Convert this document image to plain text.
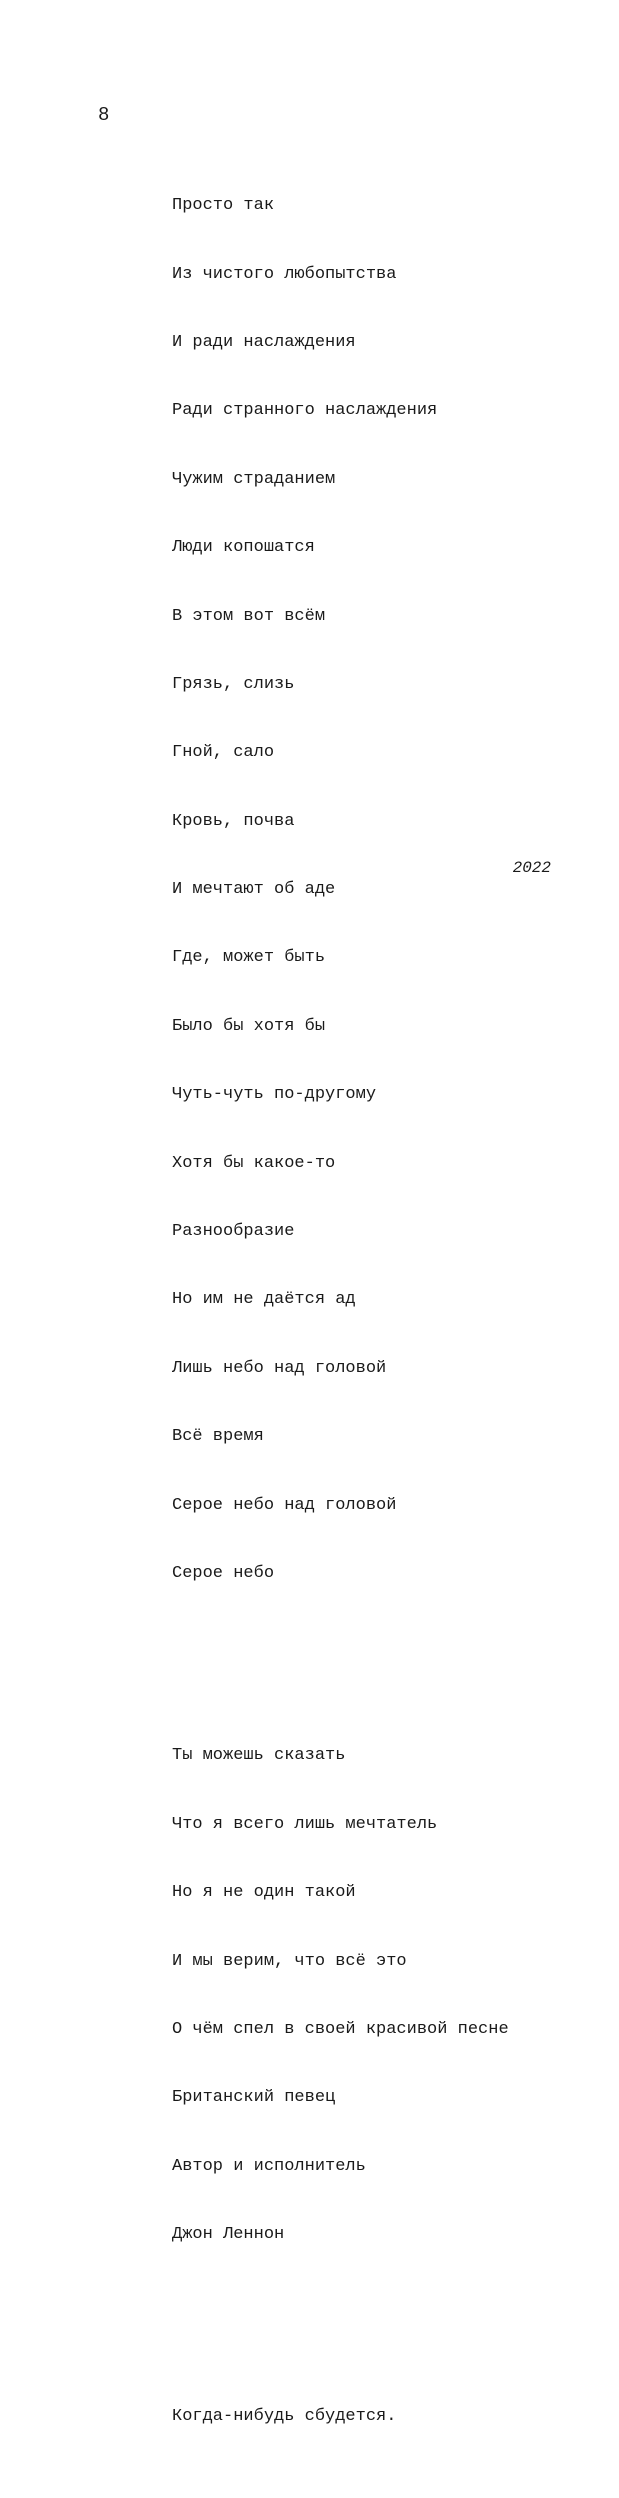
8

Просто так

Из чистого любопытства

И ради наслаждения

Ради странного наслаждения

Чужим страданием

Люди копошатся

В этом вот всём

Грязь, слизь

Гной, сало

Кровь, почва

И мечтают об аде

Где, может быть

Было бы хотя бы

Чуть-чуть по-другому

Хотя бы какое-то

Разнообразие

Но им не даётся ад

Лишь небо над головой

Всё время

Серое небо над головой

Серое небо

Ты можешь сказать

Что я всего лишь мечтатель

Но я не один такой

И мы верим, что всё это

О чём спел в своей красивой песне

Британский певец

Автор и исполнитель

Джон Леннон

Когда-нибудь сбудется.

2022
